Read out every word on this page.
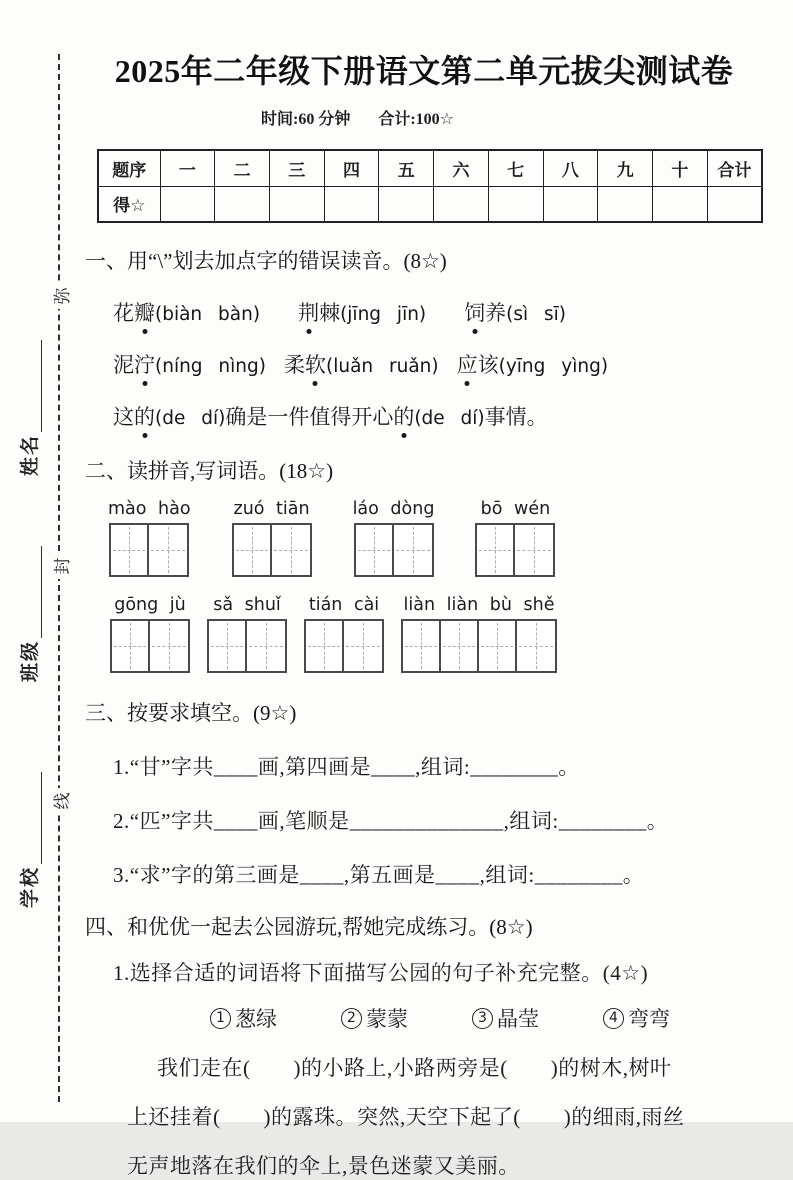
弥
封
线
姓名
班级
学校
2025年二年级下册语文第二单元拔尖测试卷
时间:60 分钟 合计:100☆
题序	一	二	三	四	五	六	七	八	九	十	合计
得☆											
一、用“\”划去加点字的错误读音。(8☆)
花 瓣 (biàn bàn) 荆 棘 (jīng jīn) 饲 养 (sì sī)
泥 泞 (níng nìng) 柔 软 (luǎn ruǎn) 应 该 (yīng yìng)
这 的 (de dí) 确是一件值得开心 的 (de dí) 事情。
二、读拼音,写词语。(18☆)
mào hào zuó tiān láo dòng	bō wén
gōng jù sǎ shuǐ tián cài liàn liàn bù shě
三、按要求填空。(9☆)
1.“甘”字共____画,第四画是____,组词:________。
2.“匹”字共____画,笔顺是______________,组词:________。
3.“求”字的第三画是____,第五画是____,组词:________。
四、和优优一起去公园游玩,帮她完成练习。(8☆)
1.选择合适的词语将下面描写公园的句子补充完整。(4☆)
1 葱绿	2 蒙蒙	3 晶莹	4 弯弯
我们走在(　　)的小路上,小路两旁是(　　)的树木,树叶
上还挂着(　　)的露珠。突然,天空下起了(　　)的细雨,雨丝
无声地落在我们的伞上,景色迷蒙又美丽。
